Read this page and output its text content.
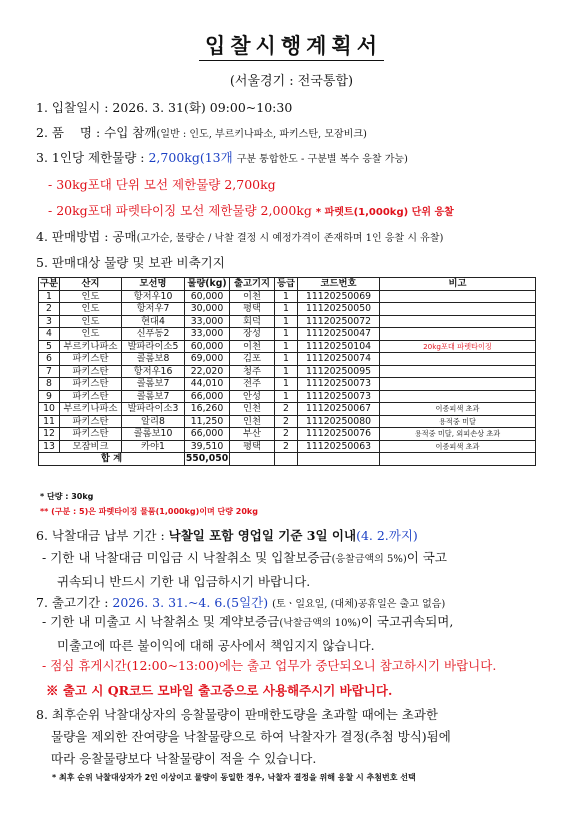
입찰시행계획서
(서울경기 : 전국통합)
1. 입찰일시 : 2026. 3. 31(화) 09:00~10:30
2. 품    명 : 수입 참깨(일반 : 인도, 부르키나파소, 파키스탄, 모잠비크)
3. 1인당 제한물량 : 2,700kg(13개 구분 통합한도 - 구분별 복수 응찰 가능)
- 30kg포대 단위 모선 제한물량 2,700kg
- 20kg포대 파렛타이징 모선 제한물량 2,000kg * 파렛트(1,000kg) 단위 응찰
4. 판매방법 : 공매(고가순, 물량순 / 낙찰 결정 시 예정가격이 존재하며 1인 응찰 시 유찰)
5. 판매대상 물량 및 보관 비축기지
구분	산지	모선명	물량(kg)	출고기지	등급	코드번호	비고
1	인도	항저우10	60,000	이천	1	11120250069	
2	인도	항저우7	30,000	평택	1	11120250050	
3	인도	현대4	33,000	회덕	1	11120250072	
4	인도	신푸동2	33,000	장성	1	11120250047	
5	부르키나파소	발파라이소5	60,000	이천	1	11120250104	20kg포대 파렛타이징
6	파키스탄	콜롬보8	69,000	김포	1	11120250074	
7	파키스탄	항저우16	22,020	청주	1	11120250095	
8	파키스탄	콜롬보7	44,010	전주	1	11120250073	
9	파키스탄	콜롬보7	66,000	안성	1	11120250073	
10	부르키나파소	발파라이소3	16,260	인천	2	11120250067	이종피색 초과
11	파키스탄	알리8	11,250	인천	2	11120250080	용적중 미달
12	파키스탄	콜롬보10	66,000	부산	2	11120250076	용적중 미달, 외피손상 초과
13	모잠비크	카야1	39,510	평택	2	11120250063	이종피색 초과
합 계			550,050				
* 단량 : 30kg
** (구분 : 5)은 파렛타이징 물품(1,000kg)이며 단량 20kg
6. 낙찰대금 납부 기간 : 낙찰일 포함 영업일 기준 3일 이내(4. 2.까지)
- 기한 내 낙찰대금 미입금 시 낙찰취소 및 입찰보증금(응찰금액의 5%)이 국고
귀속되니 반드시 기한 내 입금하시기 바랍니다.
7. 출고기간 : 2026. 3. 31.~4. 6.(5일간) (토ㆍ일요일, (대체)공휴일은 출고 없음)
- 기한 내 미출고 시 낙찰취소 및 계약보증금(낙찰금액의 10%)이 국고귀속되며,
미출고에 따른 불이익에 대해 공사에서 책임지지 않습니다.
- 점심 휴게시간(12:00~13:00)에는 출고 업무가 중단되오니 참고하시기 바랍니다.
※ 출고 시 QR코드 모바일 출고증으로 사용해주시기 바랍니다.
8. 최후순위 낙찰대상자의 응찰물량이 판매한도량을 초과할 때에는 초과한
물량을 제외한 잔여량을 낙찰물량으로 하여 낙찰자가 결정(추첨 방식)됨에
따라 응찰물량보다 낙찰물량이 적을 수 있습니다.
* 최후 순위 낙찰대상자가 2인 이상이고 물량이 동일한 경우, 낙찰자 결정을 위해 응찰 시 추첨번호 선택
